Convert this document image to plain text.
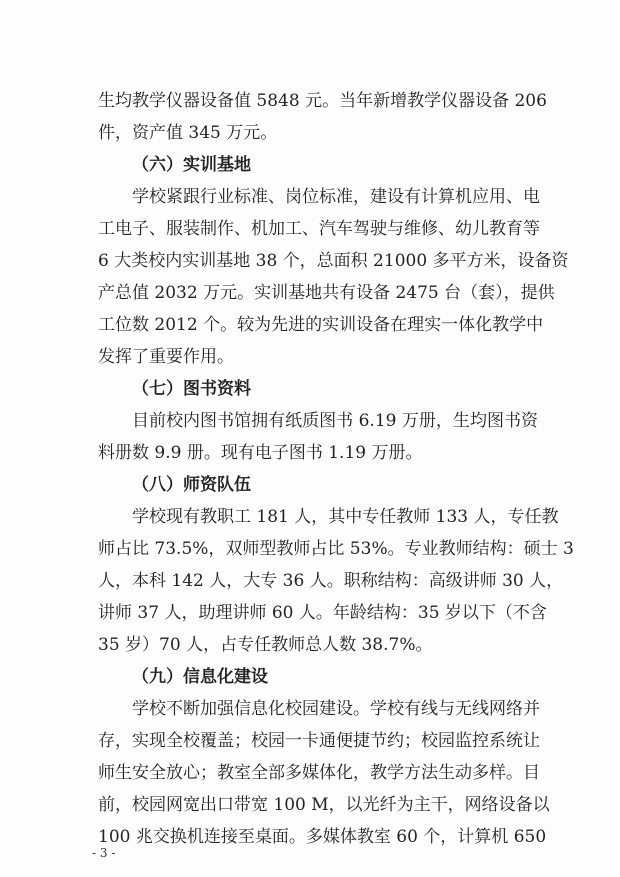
生均教学仪器设备值 5848 元。当年新增教学仪器设备 206
件，资产值 345 万元。
（六）实训基地
学校紧跟行业标准、岗位标准，建设有计算机应用、电
工电子、服装制作、机加工、汽车驾驶与维修、幼儿教育等
6 大类校内实训基地 38 个，总面积 21000 多平方米，设备资
产总值 2032 万元。实训基地共有设备 2475 台（套），提供
工位数 2012 个。较为先进的实训设备在理实一体化教学中
发挥了重要作用。
（七）图书资料
目前校内图书馆拥有纸质图书 6.19 万册，生均图书资
料册数 9.9 册。现有电子图书 1.19 万册。
（八）师资队伍
学校现有教职工 181 人，其中专任教师 133 人，专任教
师占比 73.5%，双师型教师占比 53%。专业教师结构：硕士 3
人，本科 142 人，大专 36 人。职称结构：高级讲师 30 人，
讲师 37 人，助理讲师 60 人。年龄结构：35 岁以下（不含
35 岁）70 人，占专任教师总人数 38.7%。
（九）信息化建设
学校不断加强信息化校园建设。学校有线与无线网络并
存，实现全校覆盖；校园一卡通便捷节约；校园监控系统让
师生安全放心；教室全部多媒体化，教学方法生动多样。目
前，校园网宽出口带宽 100 M，以光纤为主干，网络设备以
100 兆交换机连接至桌面。多媒体教室 60 个，计算机 650
- 3 -
